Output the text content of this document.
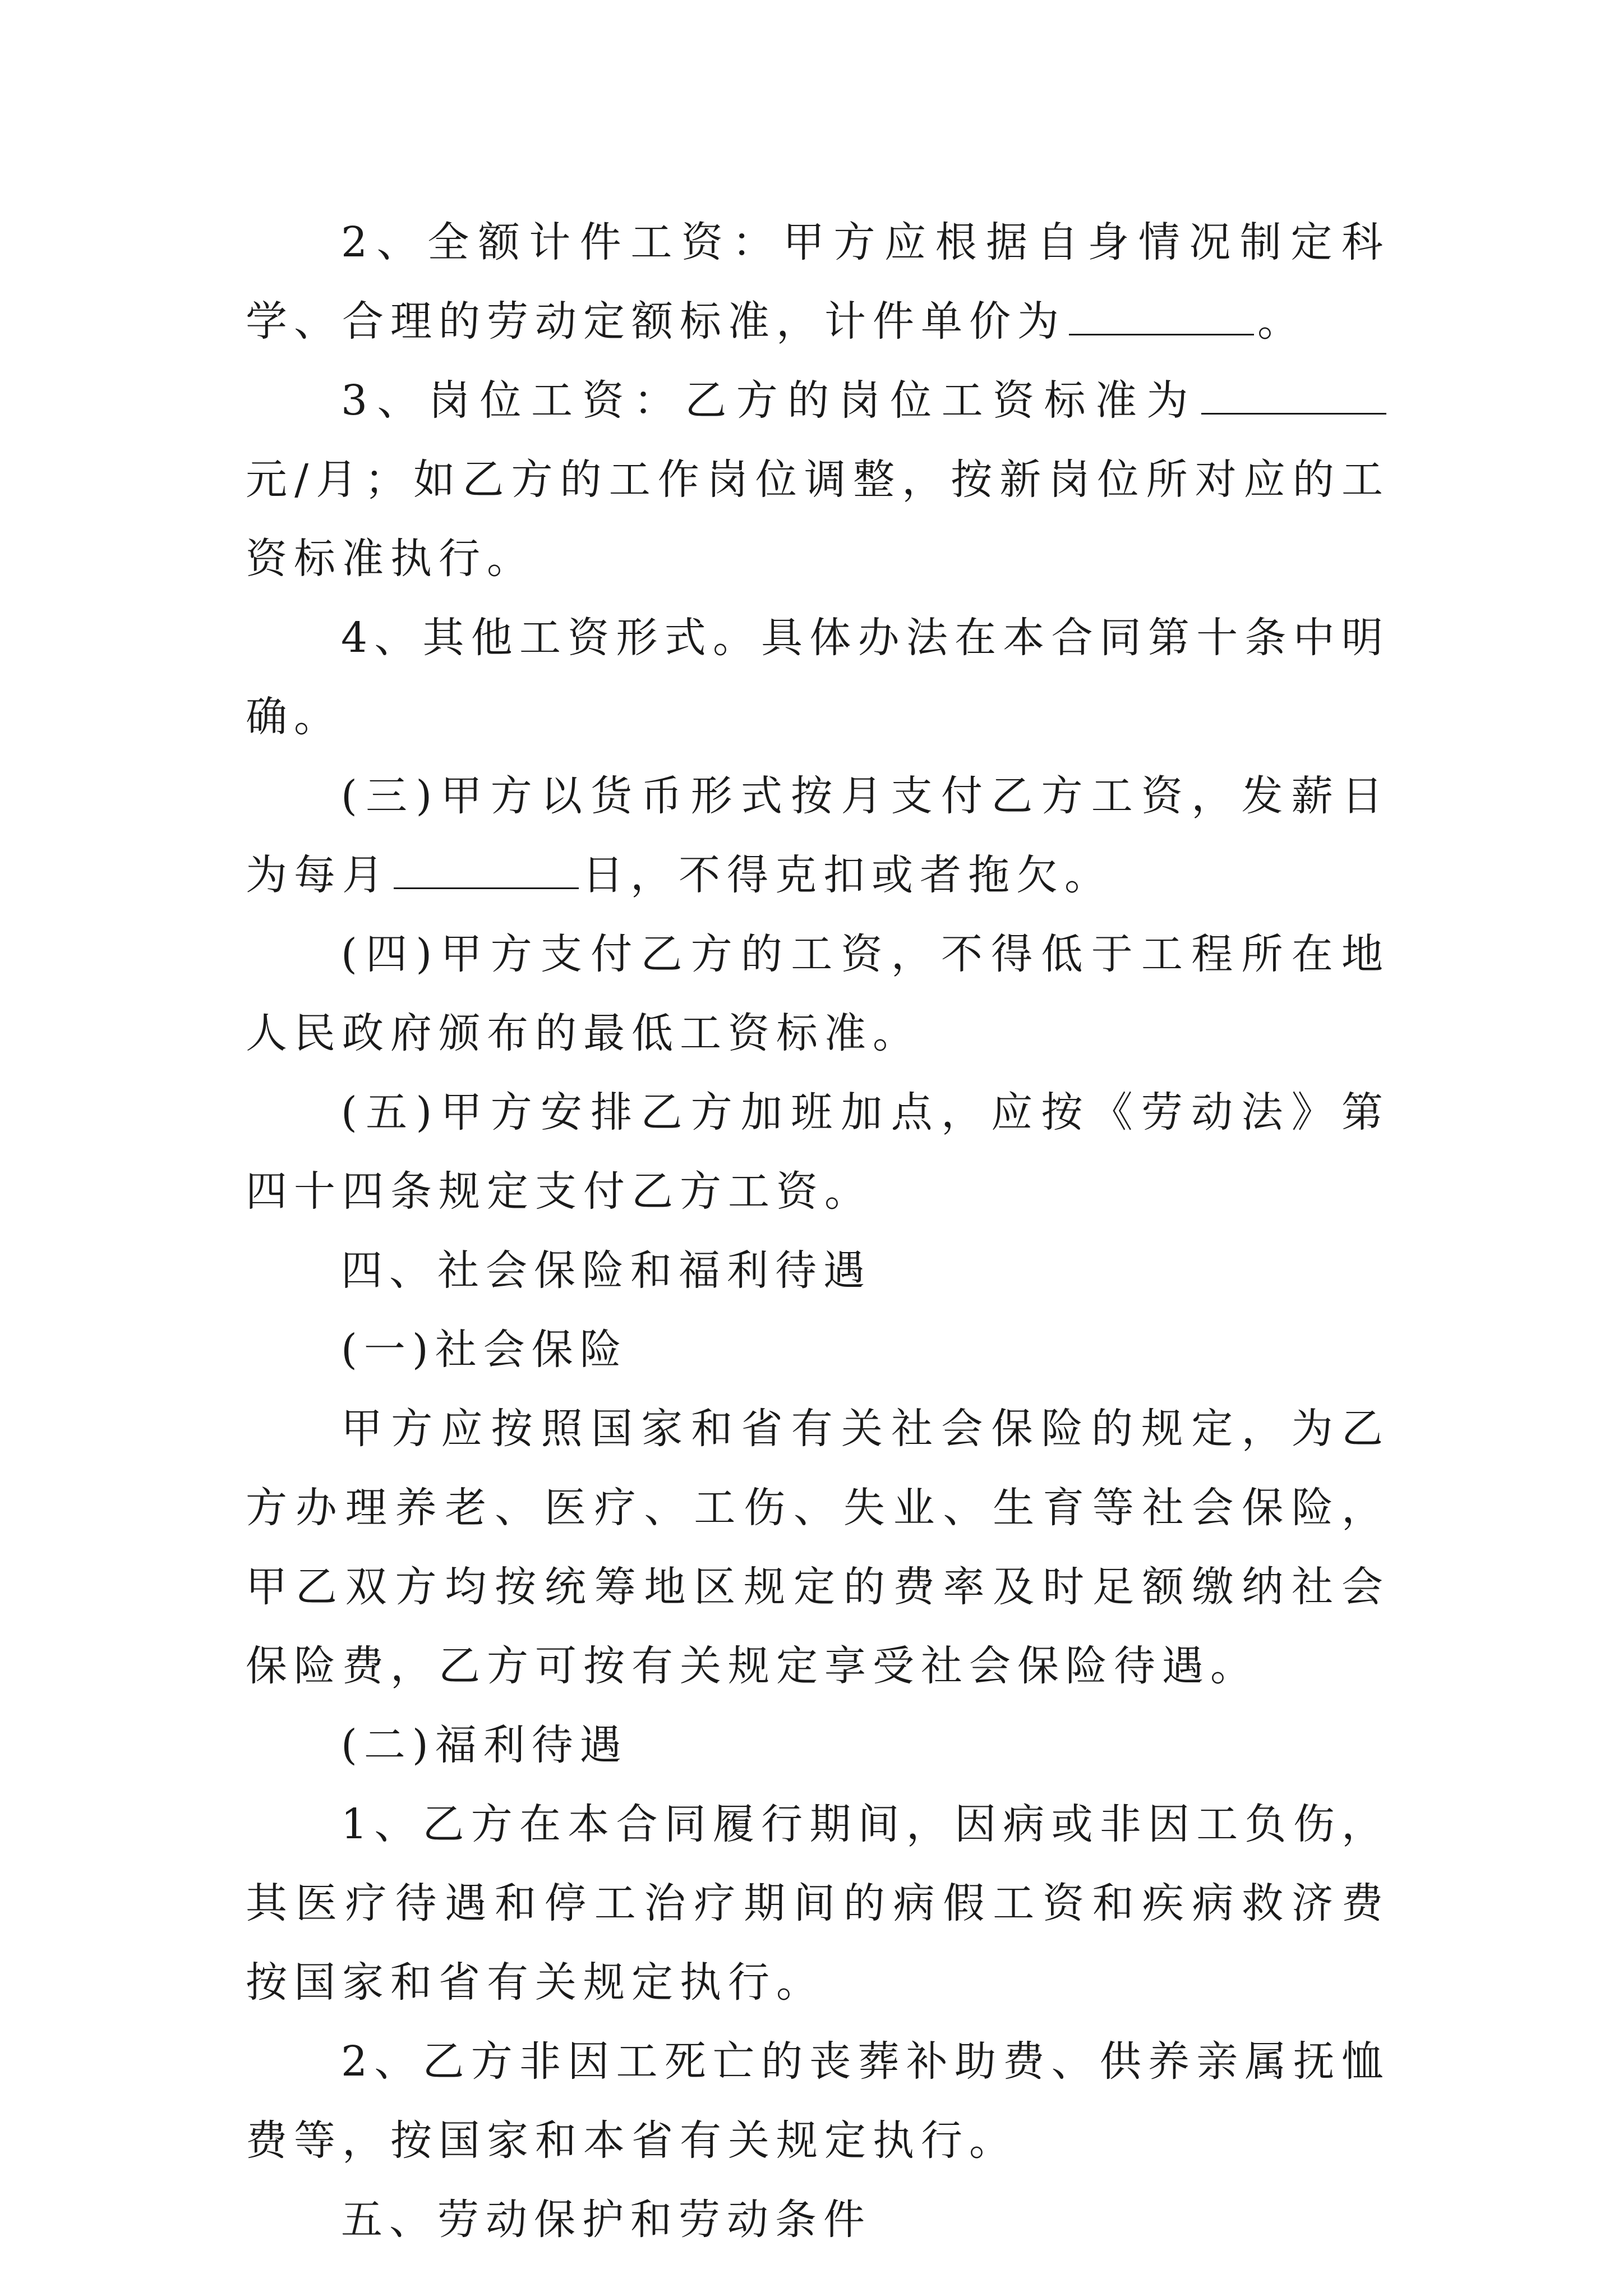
2、全额计件工资：甲方应根据自身情况制定科学、合理的劳动定额标准，计件单价为	。

3、岗位工资：乙方的岗位工资标准为元/月；如乙方的工作岗位调整，按新岗位所对应的工资标准执行。

4、其他工资形式。具体办法在本合同第十条中明确。

(三)甲方以货币形式按月支付乙方工资，发薪日为每月	日，不得克扣或者拖欠。

(四)甲方支付乙方的工资，不得低于工程所在地人民政府颁布的最低工资标准。

(五)甲方安排乙方加班加点，应按《劳动法》第四十四条规定支付乙方工资。

四、社会保险和福利待遇

(一)社会保险

甲方应按照国家和省有关社会保险的规定，为乙方办理养老、医疗、工伤、失业、生育等社会保险，甲乙双方均按统筹地区规定的费率及时足额缴纳社会保险费，乙方可按有关规定享受社会保险待遇。

(二)福利待遇

1、乙方在本合同履行期间，因病或非因工负伤，其医疗待遇和停工治疗期间的病假工资和疾病救济费按国家和省有关规定执行。

2、乙方非因工死亡的丧葬补助费、供养亲属抚恤费等，按国家和本省有关规定执行。

五、劳动保护和劳动条件
